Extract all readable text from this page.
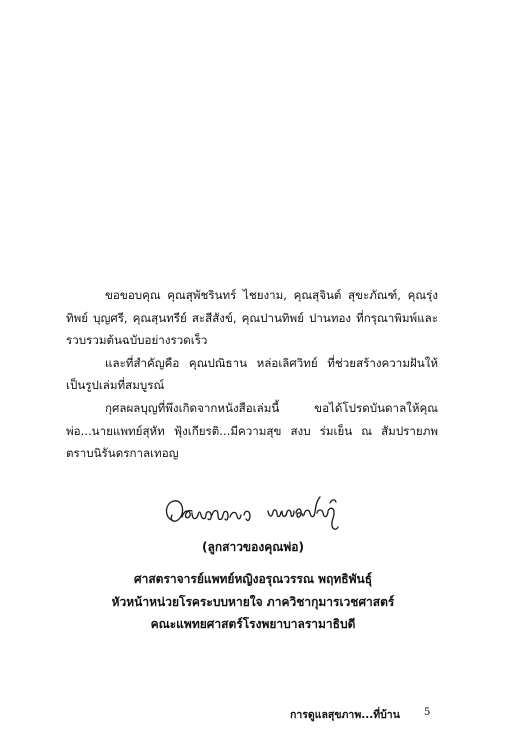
ขอขอบคุณ คุณสุพัชรินทร์ ไชยงาม, คุณสุจินต์ สุขะภัณฑ์, คุณรุ่งทิพย์ บุญศรี, คุณสุนทรีย์ สะสีสังข์, คุณปานทิพย์ ปานทอง ที่กรุณาพิมพ์และรวบรวมต้นฉบับอย่างรวดเร็ว

และที่สำคัญคือ คุณปณิธาน หล่อเลิศวิทย์ ที่ช่วยสร้างความฝันให้เป็นรูปเล่มที่สมบูรณ์

กุศลผลบุญที่พึงเกิดจากหนังสือเล่มนี้ ขอได้โปรดบันดาลให้คุณพ่อ...นายแพทย์สุหัท ฟุ้งเกียรติ...มีความสุข สงบ ร่มเย็น ณ สัมปรายภพตราบนิรันดรกาลเทอญ

(ลูกสาวของคุณพ่อ)
ศาสตราจารย์แพทย์หญิงอรุณวรรณ พฤทธิพันธุ์
หัวหน้าหน่วยโรคระบบหายใจ ภาควิชากุมารเวชศาสตร์
คณะแพทยศาสตร์โรงพยาบาลรามาธิบดี
การดูแลสุขภาพ...ที่บ้าน 5
